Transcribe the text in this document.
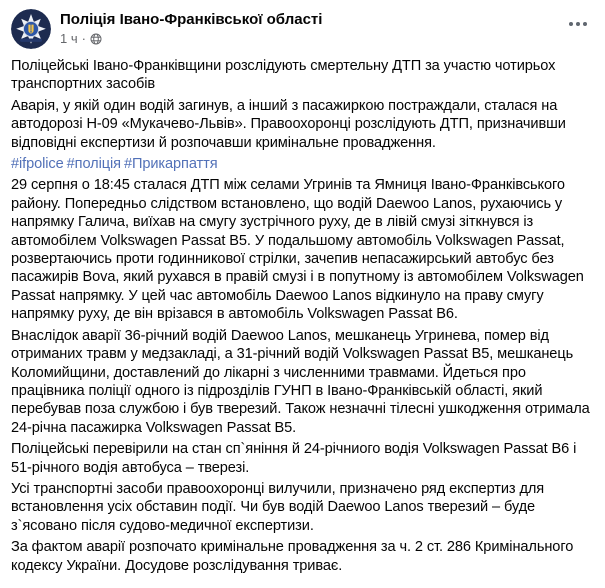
Поліція Івано-Франківської області
1 ч ·

Поліцейські Івано-Франківщини розслідують смертельну ДТП за участю чотирьох транспортних засобів

Аварія, у якій один водій загинув, а інший з пасажиркою постраждали, сталася на автодорозі Н-09 «Мукачево-Львів». Правоохоронці розслідують ДТП, призначивши відповідні експертизи й розпочавши кримінальне провадження.

#ifpolice #поліція #Прикарпаття

29 серпня о 18:45 сталася ДТП між селами Угринів та Ямниця Івано-Франківського району. Попередньо слідством встановлено, що водій Daewoo Lanos, рухаючись у напрямку Галича, виїхав на смугу зустрічного руху, де в лівій смузі зіткнувся із автомобілем Volkswagen Passat B5. У подальшому автомобіль Volkswagen Passat, розвертаючись проти годинникової стрілки, зачепив непасажирський автобус без пасажирів Bova, який рухався в правій смузі і в попутному із автомобілем Volkswagen Passat напрямку. У цей час автомобіль Daewoo Lanos відкинуло на праву смугу напрямку руху, де він врізався в автомобіль Volkswagen Passat B6.

Внаслідок аварії 36-річний водій Daewoo Lanos, мешканець Угринева, помер від отриманих травм у медзакладі, а 31-річний водій Volkswagen Passat B5, мешканець Коломийщини, доставлений до лікарні з численними травмами. Йдеться про працівника поліції одного із підрозділів ГУНП в Івано-Франківській області, який перебував поза службою і був тверезий. Також незначні тілесні ушкодження отримала 24-річна пасажирка Volkswagen Passat B5.

Поліцейські перевірили на стан сп`яніння й 24-річниого водія Volkswagen Passat B6 і 51-річного водія автобуса – тверезі.

Усі транспортні засоби правоохоронці вилучили, призначено ряд експертиз для встановлення усіх обставин події. Чи був водій Daewoo Lanos тверезий – буде з`ясовано після судово-медичної експертизи.

За фактом аварії розпочато кримінальне провадження за ч. 2 ст. 286 Кримінального кодексу України. Досудове розслідування триває.
